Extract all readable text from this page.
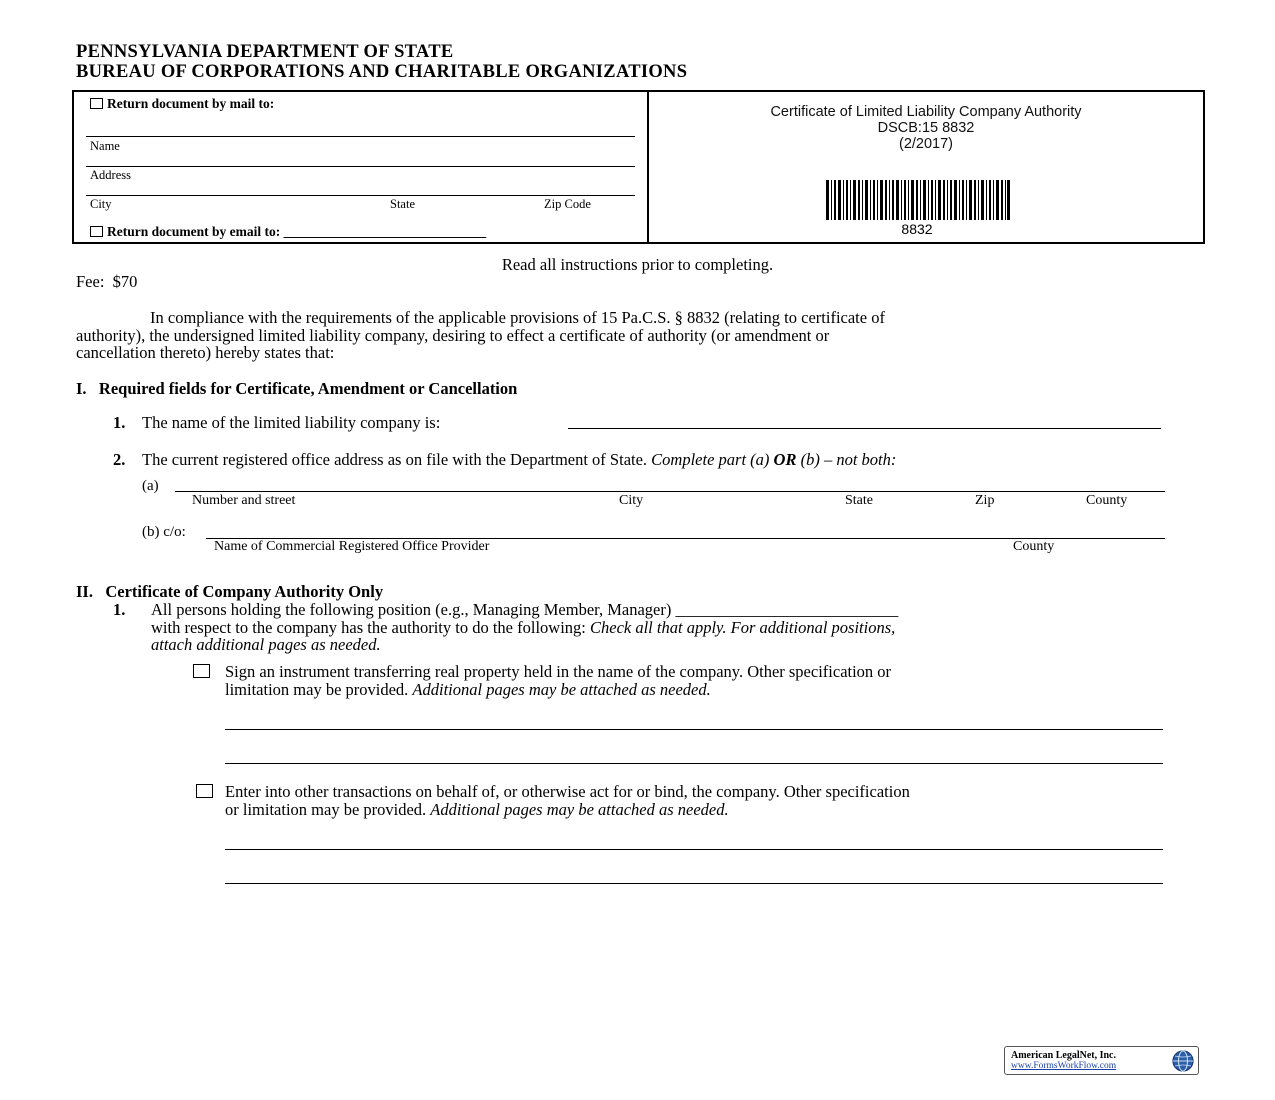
PENNSYLVANIA DEPARTMENT OF STATE
BUREAU OF CORPORATIONS AND CHARITABLE ORGANIZATIONS
Return document by mail to:
Name
Address
City	State	Zip Code
Return document by email to: ______________________________
Certificate of Limited Liability Company Authority
DSCB:15 8832
(2/2017)
8832
Read all instructions prior to completing.
Fee:  $70
In compliance with the requirements of the applicable provisions of 15 Pa.C.S. § 8832 (relating to certificate of
authority), the undersigned limited liability company, desiring to effect a certificate of authority (or amendment or
cancellation thereto) hereby states that:
I.   Required fields for Certificate, Amendment or Cancellation
1. The name of the limited liability company is:
2. The current registered office address as on file with the Department of State. Complete part (a) OR (b) – not both:
(a)
Number and street	City	State	Zip	County
(b) c/o:
Name of Commercial Registered Office Provider	County
II.   Certificate of Company Authority Only
1. All persons holding the following position (e.g., Managing Member, Manager) ___________________________
with respect to the company has the authority to do the following: Check all that apply. For additional positions,
attach additional pages as needed.
Sign an instrument transferring real property held in the name of the company. Other specification or
limitation may be provided. Additional pages may be attached as needed.
Enter into other transactions on behalf of, or otherwise act for or bind, the company. Other specification
or limitation may be provided. Additional pages may be attached as needed.
American LegalNet, Inc.
www.FormsWorkFlow.com
